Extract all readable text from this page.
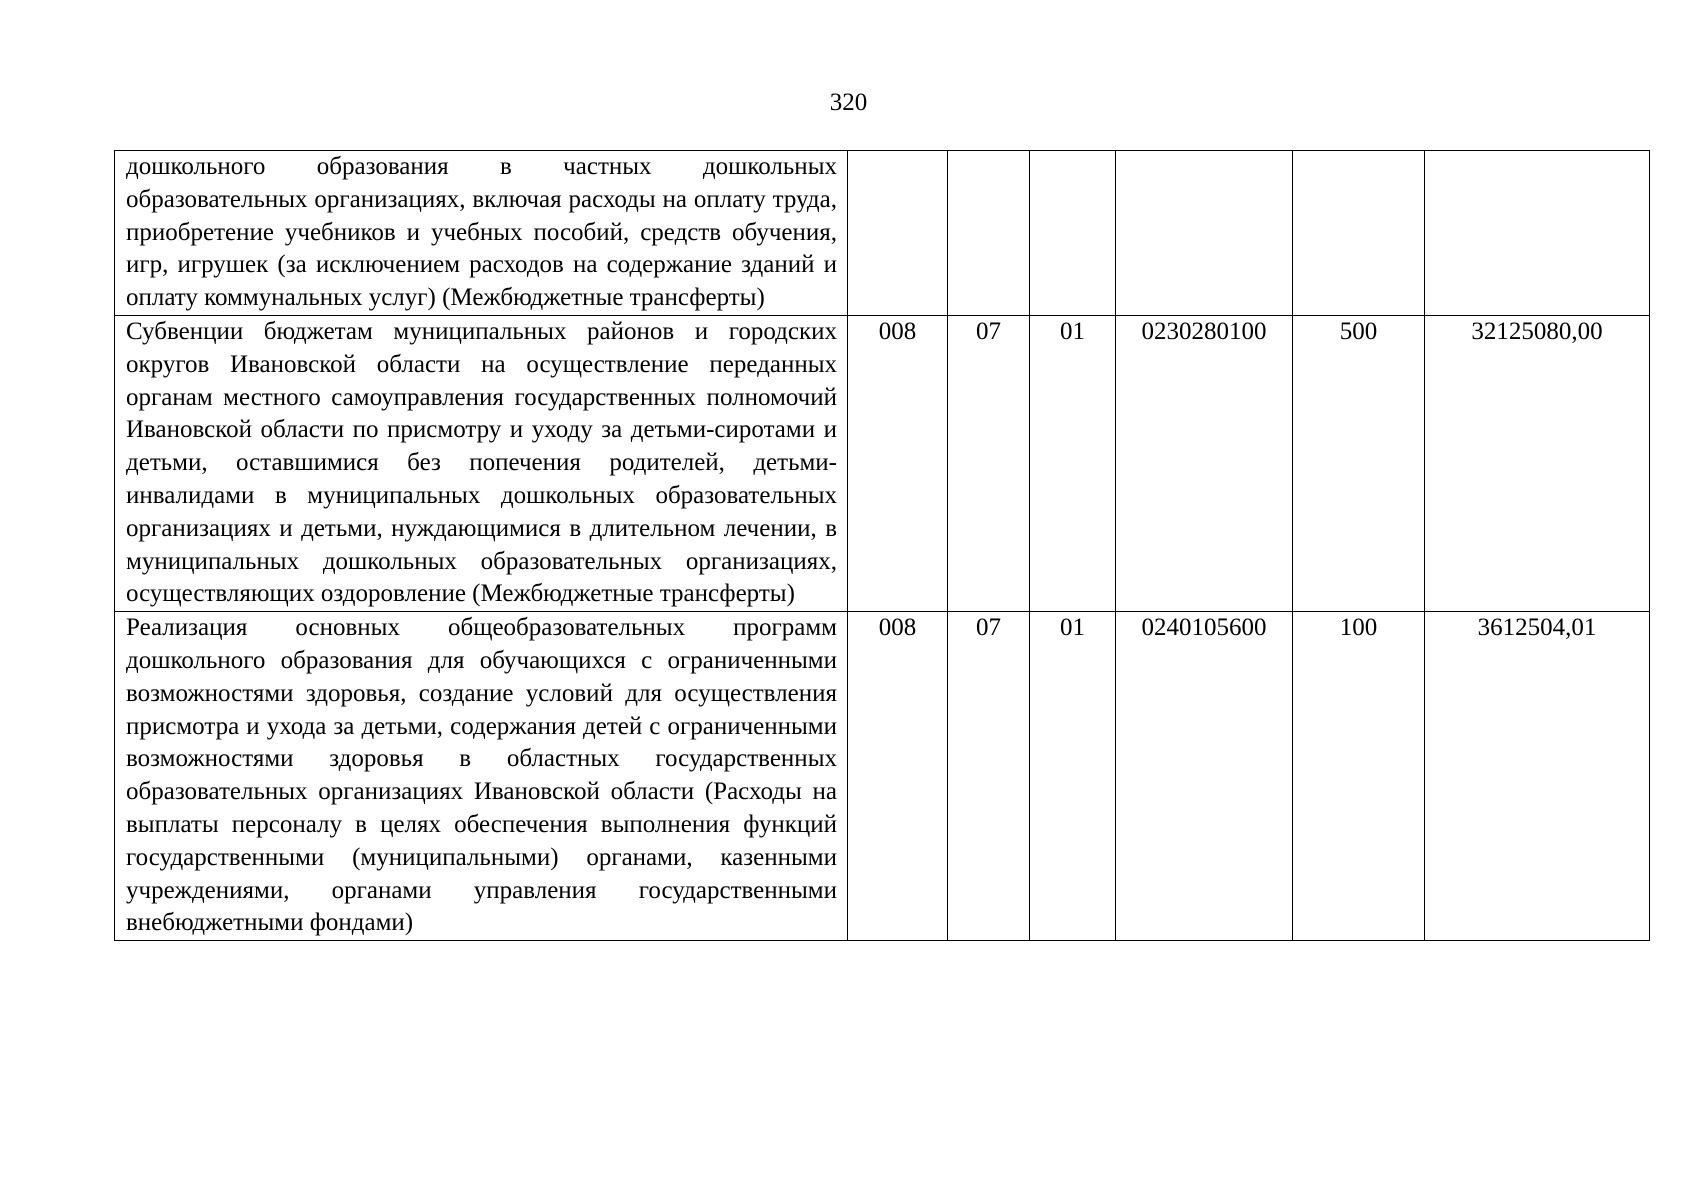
320
дошкольного образования в частных дошкольных образовательных организациях, включая расходы на оплату труда, приобретение учебников и учебных пособий, средств обучения, игр, игрушек (за исключением расходов на содержание зданий и оплату коммунальных услуг) (Межбюджетные трансферты)						
Субвенции бюджетам муниципальных районов и городских округов Ивановской области на осуществление переданных органам местного самоуправления государственных полномочий Ивановской области по присмотру и уходу за детьми-сиротами и детьми, оставшимися без попечения родителей, детьми-инвалидами в муниципальных дошкольных образовательных организациях и детьми, нуждающимися в длительном лечении, в муниципальных дошкольных образовательных организациях, осуществляющих оздоровление (Межбюджетные трансферты)	008	07	01	0230280100	500	32125080,00
Реализация основных общеобразовательных программ дошкольного образования для обучающихся с ограниченными возможностями здоровья, создание условий для осуществления присмотра и ухода за детьми, содержания детей с ограниченными возможностями здоровья в областных государственных образовательных организациях Ивановской области (Расходы на выплаты персоналу в целях обеспечения выполнения функций государственными (муниципальными) органами, казенными учреждениями, органами управления государственными внебюджетными фондами)	008	07	01	0240105600	100	3612504,01
